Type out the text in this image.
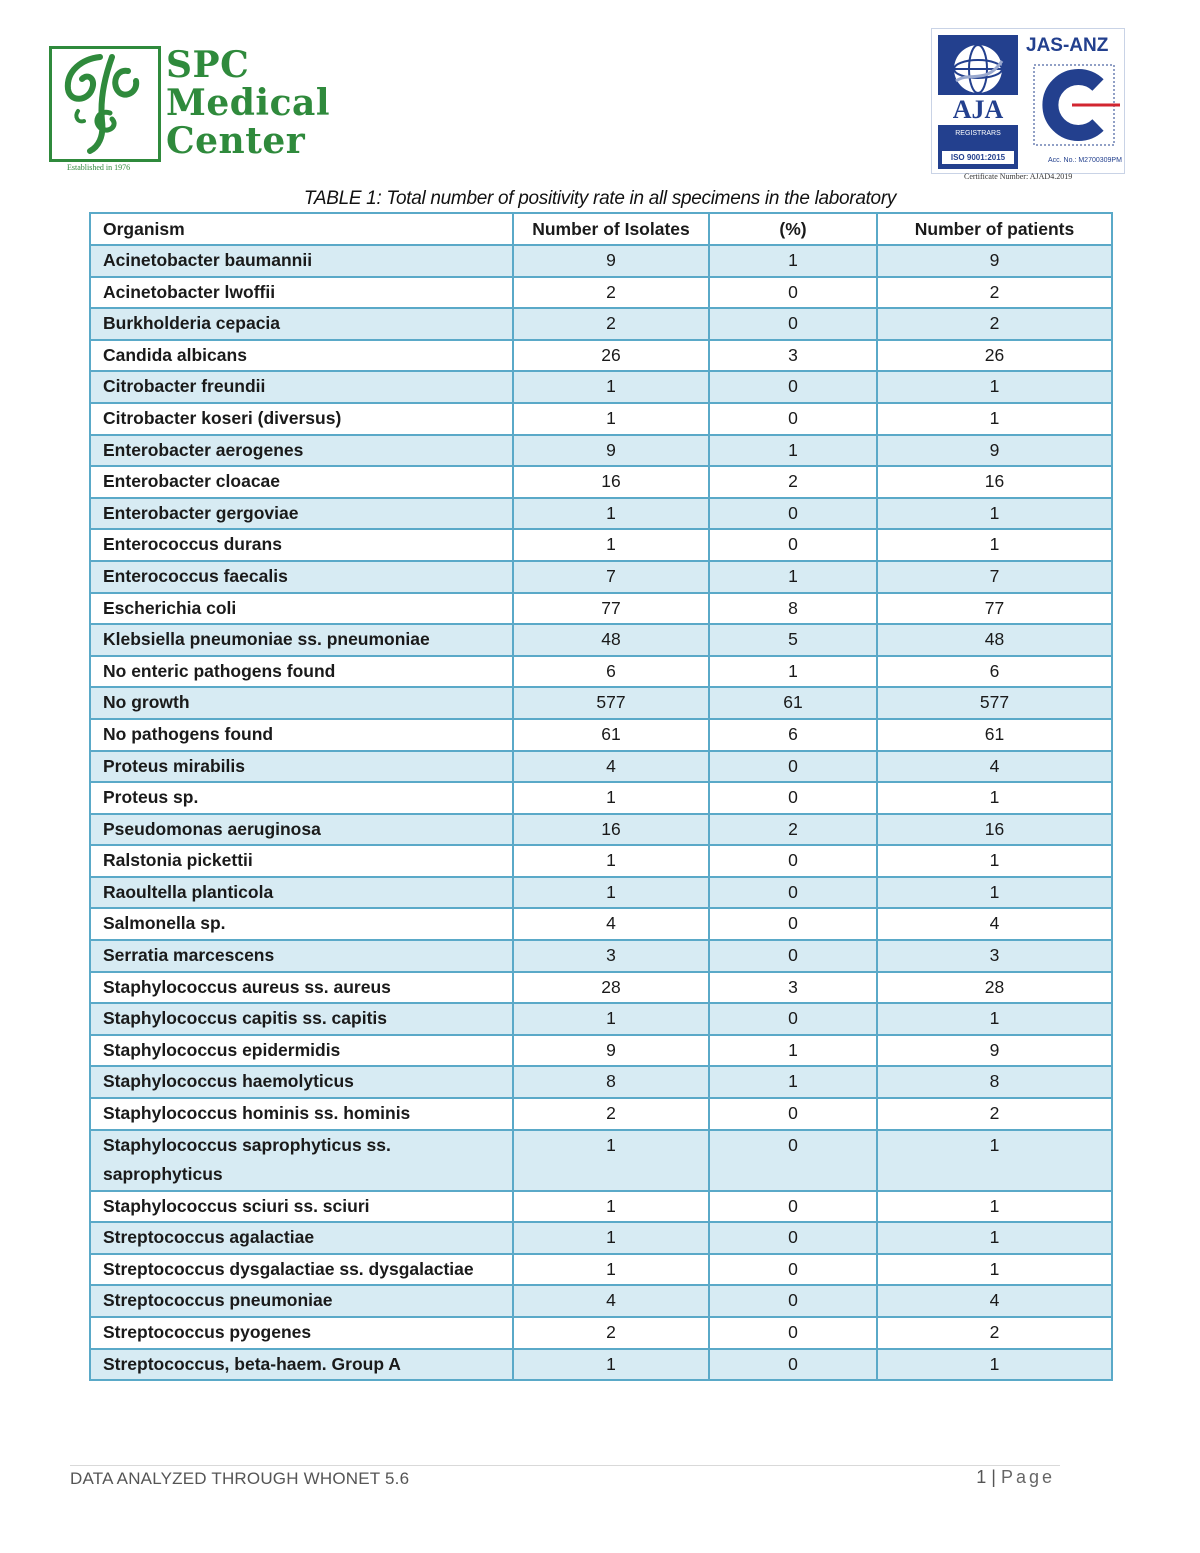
SPC
Medical
Center
Established in 1976
AJA
REGISTRARS
ISO 9001:2015
JAS-ANZ
Acc. No.: M2700309PM
Certificate Number: AJAD4.2019
TABLE 1: Total number of positivity rate in all specimens in the laboratory
Organism	Number of Isolates	(%)	Number of patients
Acinetobacter baumannii	9	1	9
Acinetobacter lwoffii	2	0	2
Burkholderia cepacia	2	0	2
Candida albicans	26	3	26
Citrobacter freundii	1	0	1
Citrobacter koseri (diversus)	1	0	1
Enterobacter aerogenes	9	1	9
Enterobacter cloacae	16	2	16
Enterobacter gergoviae	1	0	1
Enterococcus durans	1	0	1
Enterococcus faecalis	7	1	7
Escherichia coli	77	8	77
Klebsiella pneumoniae ss. pneumoniae	48	5	48
No enteric pathogens found	6	1	6
No growth	577	61	577
No pathogens found	61	6	61
Proteus mirabilis	4	0	4
Proteus sp.	1	0	1
Pseudomonas aeruginosa	16	2	16
Ralstonia pickettii	1	0	1
Raoultella planticola	1	0	1
Salmonella sp.	4	0	4
Serratia marcescens	3	0	3
Staphylococcus aureus ss. aureus	28	3	28
Staphylococcus capitis ss. capitis	1	0	1
Staphylococcus epidermidis	9	1	9
Staphylococcus haemolyticus	8	1	8
Staphylococcus hominis ss. hominis	2	0	2
Staphylococcus saprophyticus ss. saprophyticus	1	0	1
Staphylococcus sciuri ss. sciuri	1	0	1
Streptococcus agalactiae	1	0	1
Streptococcus dysgalactiae ss. dysgalactiae	1	0	1
Streptococcus pneumoniae	4	0	4
Streptococcus pyogenes	2	0	2
Streptococcus, beta-haem. Group A	1	0	1
DATA ANALYZED THROUGH WHONET 5.6	1 | Page
